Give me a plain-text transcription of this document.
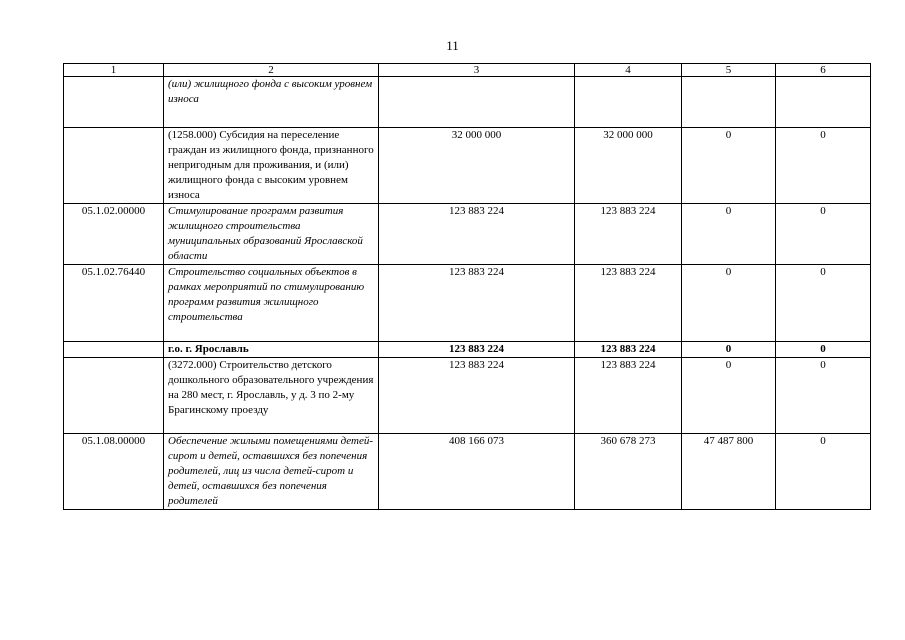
11
1	2	3	4	5	6
	(или) жилищного фонда с высоким уровнем износа				
	(1258.000) Субсидия на переселение граждан из жилищного фонда, признанного непригодным для проживания, и (или) жилищного фонда с высоким уровнем износа	32 000 000	32 000 000	0	0
05.1.02.00000	Стимулирование программ развития жилищного строительства муниципальных образований Ярославской области	123 883 224	123 883 224	0	0
05.1.02.76440	Строительство социальных объектов в рамках мероприятий по стимулированию программ развития жилищного строительства	123 883 224	123 883 224	0	0
	г.о. г. Ярославль	123 883 224	123 883 224	0	0
	(3272.000) Строительство детского дошкольного образовательного учреждения на 280 мест, г. Ярославль, у д. 3 по 2-му Брагинскому проезду	123 883 224	123 883 224	0	0
05.1.08.00000	Обеспечение жилыми помещениями детей-сирот и детей, оставшихся без попечения родителей, лиц из числа детей-сирот и детей, оставшихся без попечения родителей	408 166 073	360 678 273	47 487 800	0
